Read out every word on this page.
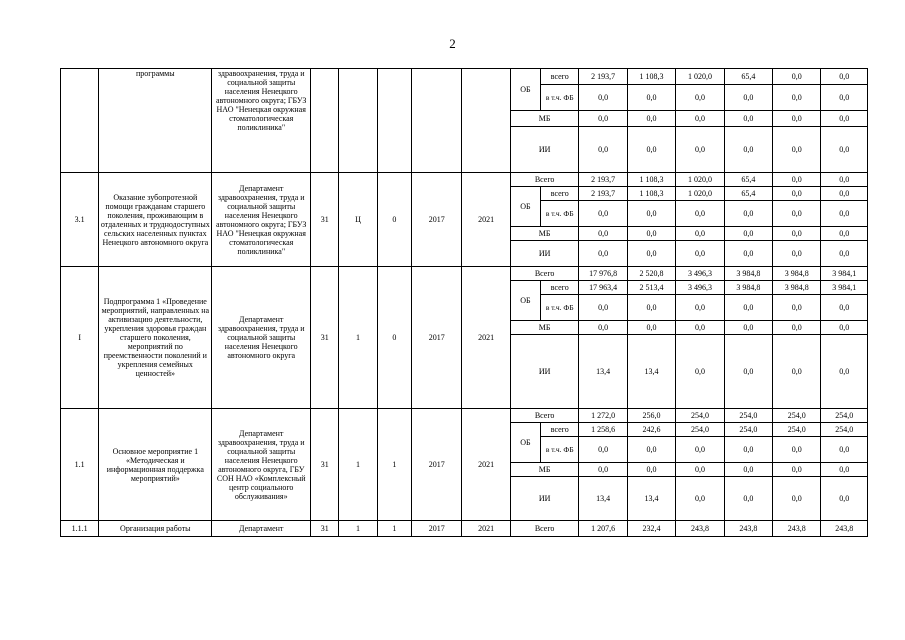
2
	программы	здравоохранения, труда и социальной защиты населения Ненецкого автономного округа; ГБУЗ НАО "Ненецкая окружная стоматологическая поликлиника"						ОБ	всего	2 193,7	1 108,3	1 020,0	65,4	0,0	0,0
									в т.ч. ФБ	0,0	0,0	0,0	0,0	0,0	0,0
								МБ		0,0	0,0	0,0	0,0	0,0	0,0
								ИИ		0,0	0,0	0,0	0,0	0,0	0,0
3.1	Оказание зубопротезной помощи гражданам старшего поколения, проживающим в отдаленных и труднодоступных сельских населенных пунктах Ненецкого автономного округа	Департамент здравоохранения, труда и социальной защиты населения Ненецкого автономного округа; ГБУЗ НАО "Ненецкая окружная стоматологическая поликлиника"	31	Ц	0	2017	2021	Всего		2 193,7	1 108,3	1 020,0	65,4	0,0	0,0
								ОБ	всего	2 193,7	1 108,3	1 020,0	65,4	0,0	0,0
									в т.ч. ФБ	0,0	0,0	0,0	0,0	0,0	0,0
								МБ		0,0	0,0	0,0	0,0	0,0	0,0
								ИИ		0,0	0,0	0,0	0,0	0,0	0,0
I	Подпрограмма 1 «Проведение мероприятий, направленных на активизацию деятельности, укрепления здоровья граждан старшего поколения, мероприятий по преемственности поколений и укрепления семейных ценностей»	Департамент здравоохранения, труда и социальной защиты населения Ненецкого автономного округа	31	1	0	2017	2021	Всего		17 976,8	2 520,8	3 496,3	3 984,8	3 984,8	3 984,1
								ОБ	всего	17 963,4	2 513,4	3 496,3	3 984,8	3 984,8	3 984,1
									в т.ч. ФБ	0,0	0,0	0,0	0,0	0,0	0,0
								МБ		0,0	0,0	0,0	0,0	0,0	0,0
								ИИ		13,4	13,4	0,0	0,0	0,0	0,0
1.1	Основное мероприятие 1 «Методическая и информационная поддержка мероприятий»	Департамент здравоохранения, труда и социальной защиты населения Ненецкого автономного округа, ГБУ СОН НАО «Комплексный центр социального обслуживания»	31	1	1	2017	2021	Всего		1 272,0	256,0	254,0	254,0	254,0	254,0
								ОБ	всего	1 258,6	242,6	254,0	254,0	254,0	254,0
									в т.ч. ФБ	0,0	0,0	0,0	0,0	0,0	0,0
								МБ		0,0	0,0	0,0	0,0	0,0	0,0
								ИИ		13,4	13,4	0,0	0,0	0,0	0,0
1.1.1	Организация работы	Департамент	31	1	1	2017	2021	Всего		1 207,6	232,4	243,8	243,8	243,8	243,8
